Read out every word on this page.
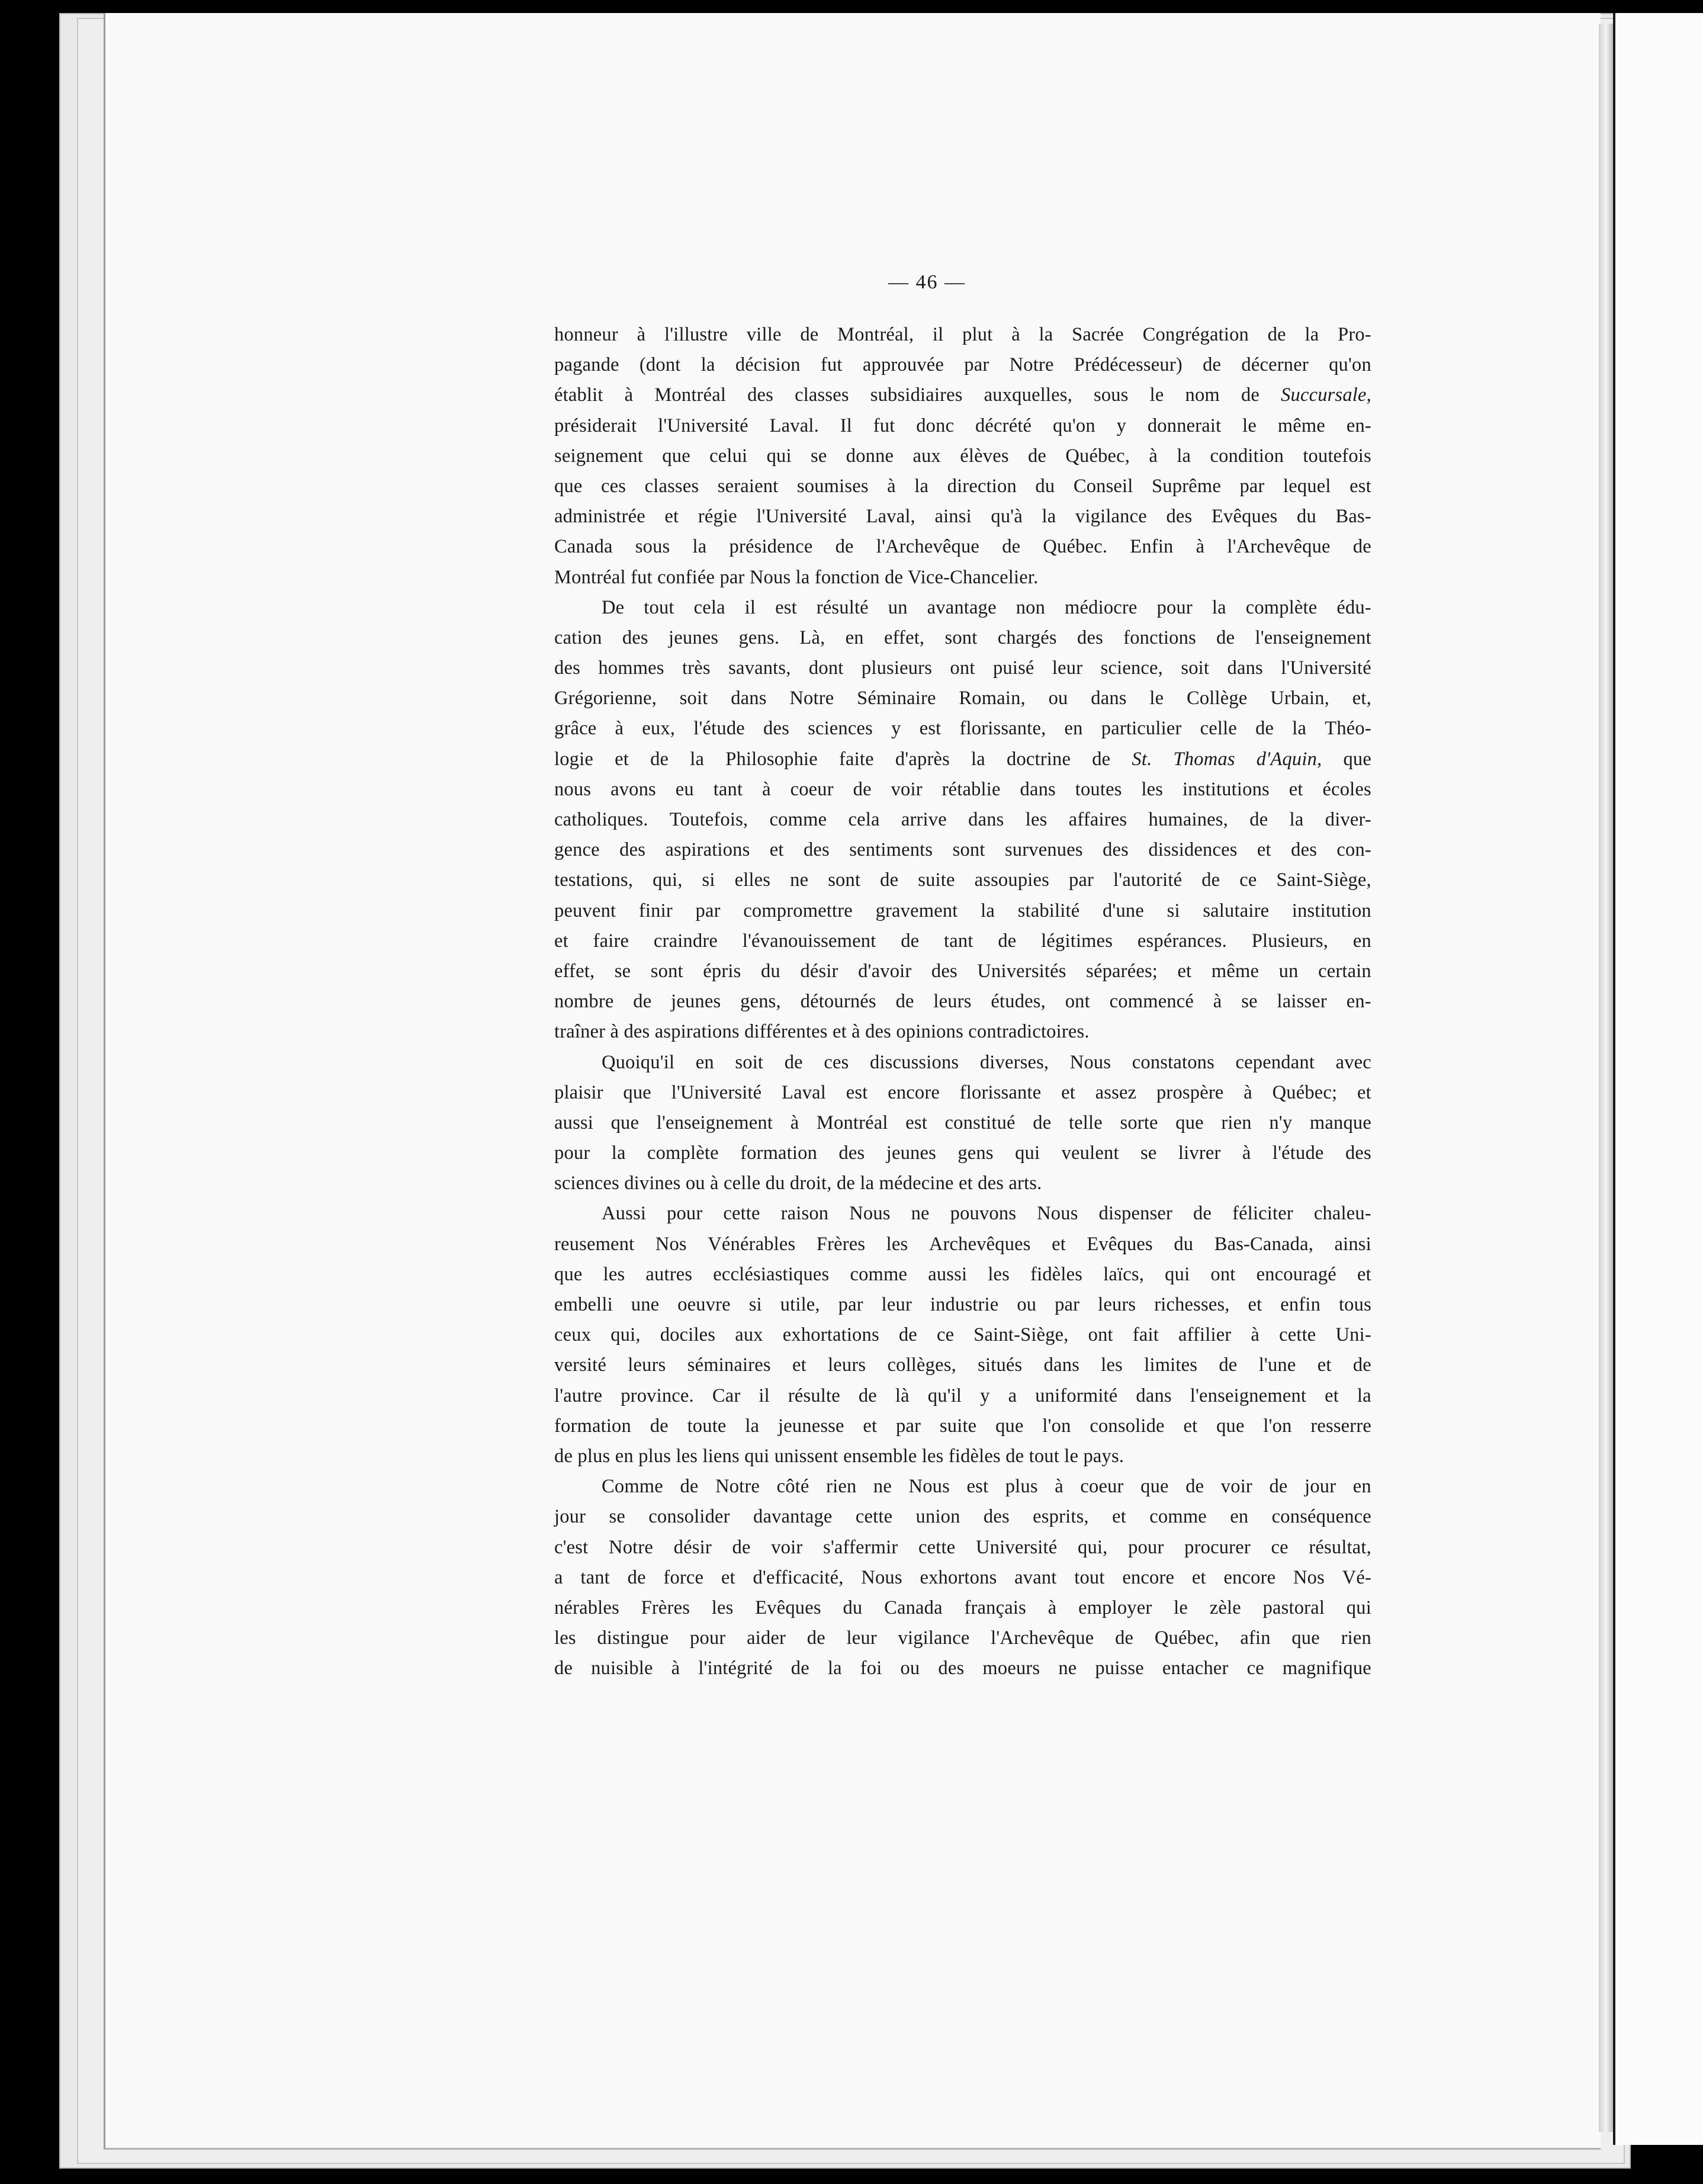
— 46 —
honneur à l'illustre ville de Montréal, il plut à la Sacrée Congrégation de la Pro-
pagande (dont la décision fut approuvée par Notre Prédécesseur) de décerner qu'on
établit à Montréal des classes subsidiaires auxquelles, sous le nom de Succursale,
présiderait l'Université Laval. Il fut donc décrété qu'on y donnerait le même en-
seignement que celui qui se donne aux élèves de Québec, à la condition toutefois
que ces classes seraient soumises à la direction du Conseil Suprême par lequel est
administrée et régie l'Université Laval, ainsi qu'à la vigilance des Evêques du Bas-
Canada sous la présidence de l'Archevêque de Québec. Enfin à l'Archevêque de
Montréal fut confiée par Nous la fonction de Vice-Chancelier.
De tout cela il est résulté un avantage non médiocre pour la complète édu-
cation des jeunes gens. Là, en effet, sont chargés des fonctions de l'enseignement
des hommes très savants, dont plusieurs ont puisé leur science, soit dans l'Université
Grégorienne, soit dans Notre Séminaire Romain, ou dans le Collège Urbain, et,
grâce à eux, l'étude des sciences y est florissante, en particulier celle de la Théo-
logie et de la Philosophie faite d'après la doctrine de St. Thomas d'Aquin, que
nous avons eu tant à coeur de voir rétablie dans toutes les institutions et écoles
catholiques. Toutefois, comme cela arrive dans les affaires humaines, de la diver-
gence des aspirations et des sentiments sont survenues des dissidences et des con-
testations, qui, si elles ne sont de suite assoupies par l'autorité de ce Saint-Siège,
peuvent finir par compromettre gravement la stabilité d'une si salutaire institution
et faire craindre l'évanouissement de tant de légitimes espérances. Plusieurs, en
effet, se sont épris du désir d'avoir des Universités séparées; et même un certain
nombre de jeunes gens, détournés de leurs études, ont commencé à se laisser en-
traîner à des aspirations différentes et à des opinions contradictoires.
Quoiqu'il en soit de ces discussions diverses, Nous constatons cependant avec
plaisir que l'Université Laval est encore florissante et assez prospère à Québec; et
aussi que l'enseignement à Montréal est constitué de telle sorte que rien n'y manque
pour la complète formation des jeunes gens qui veulent se livrer à l'étude des
sciences divines ou à celle du droit, de la médecine et des arts.
Aussi pour cette raison Nous ne pouvons Nous dispenser de féliciter chaleu-
reusement Nos Vénérables Frères les Archevêques et Evêques du Bas-Canada, ainsi
que les autres ecclésiastiques comme aussi les fidèles laïcs, qui ont encouragé et
embelli une oeuvre si utile, par leur industrie ou par leurs richesses, et enfin tous
ceux qui, dociles aux exhortations de ce Saint-Siège, ont fait affilier à cette Uni-
versité leurs séminaires et leurs collèges, situés dans les limites de l'une et de
l'autre province. Car il résulte de là qu'il y a uniformité dans l'enseignement et la
formation de toute la jeunesse et par suite que l'on consolide et que l'on resserre
de plus en plus les liens qui unissent ensemble les fidèles de tout le pays.
Comme de Notre côté rien ne Nous est plus à coeur que de voir de jour en
jour se consolider davantage cette union des esprits, et comme en conséquence
c'est Notre désir de voir s'affermir cette Université qui, pour procurer ce résultat,
a tant de force et d'efficacité, Nous exhortons avant tout encore et encore Nos Vé-
nérables Frères les Evêques du Canada français à employer le zèle pastoral qui
les distingue pour aider de leur vigilance l'Archevêque de Québec, afin que rien
de nuisible à l'intégrité de la foi ou des moeurs ne puisse entacher ce magnifique
